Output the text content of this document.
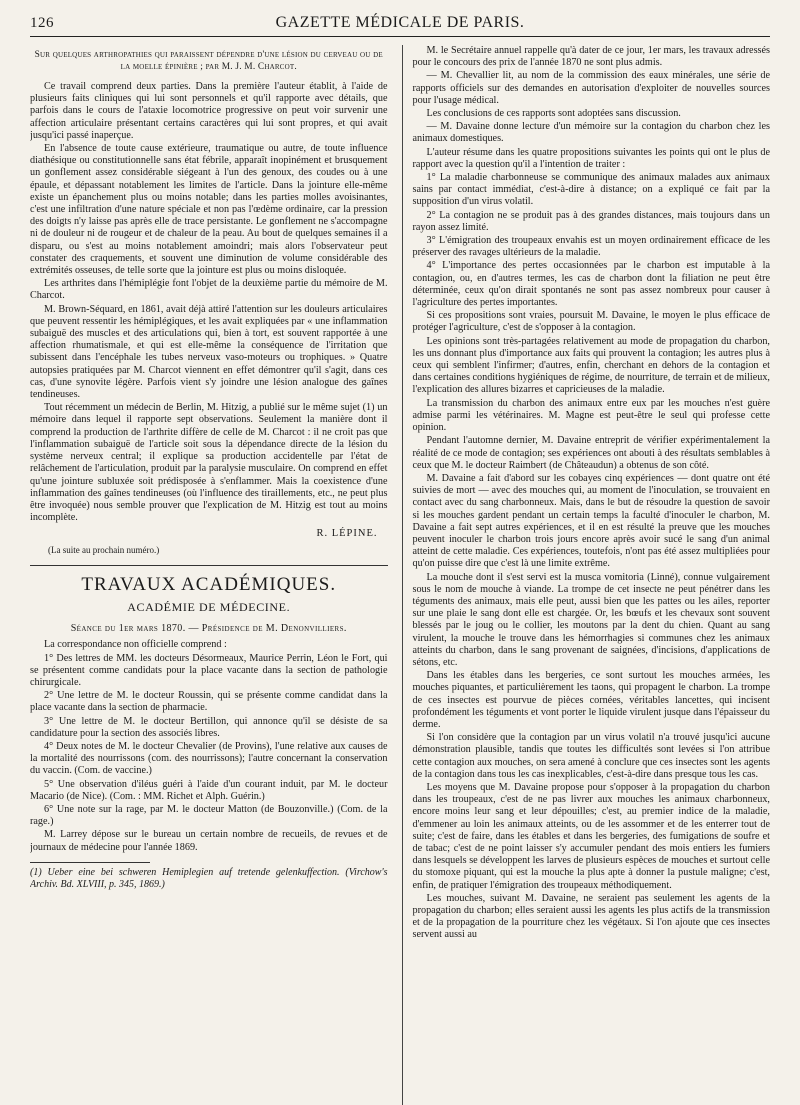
126	GAZETTE MÉDICALE DE PARIS.
Sur quelques arthropathies qui paraissent dépendre d'une lésion du cerveau ou de la moelle épinière ; par M. J. M. Charcot.

Ce travail comprend deux parties. Dans la première l'auteur établit, à l'aide de plusieurs faits cliniques qui lui sont personnels et qu'il rapporte avec détails, que parfois dans le cours de l'ataxie locomotrice progressive on peut voir survenir une affection articulaire présentant certains caractères qui lui sont propres, et qui avait jusqu'ici passé inaperçue.

En l'absence de toute cause extérieure, traumatique ou autre, de toute influence diathésique ou constitutionnelle sans état fébrile, apparaît inopinément et brusquement un gonflement assez considérable siégeant à l'un des genoux, des coudes ou à une épaule, et dépassant notablement les limites de l'article. Dans la jointure elle-même existe un épanchement plus ou moins notable; dans les parties molles avoisinantes, c'est une infiltration d'une nature spéciale et non pas l'œdème ordinaire, car la pression des doigts n'y laisse pas après elle de trace persistante. Le gonflement ne s'accompagne ni de douleur ni de rougeur et de chaleur de la peau. Au bout de quelques semaines il a disparu, ou s'est au moins notablement amoindri; mais alors l'observateur peut constater des craquements, et souvent une diminution de volume considérable des extrémités osseuses, de telle sorte que la jointure est plus ou moins disloquée.

Les arthrites dans l'hémiplégie font l'objet de la deuxième partie du mémoire de M. Charcot.

M. Brown-Séquard, en 1861, avait déjà attiré l'attention sur les douleurs articulaires que peuvent ressentir les hémiplégiques, et les avait expliquées par « une inflammation subaiguë des muscles et des articulations qui, bien à tort, est souvent rapportée à une affection rhumatismale, et qui est elle-même la conséquence de l'irritation que subissent dans l'encéphale les tubes nerveux vaso-moteurs ou trophiques. » Quatre autopsies pratiquées par M. Charcot viennent en effet démontrer qu'il s'agit, dans ces cas, d'une synovite légère. Parfois vient s'y joindre une lésion analogue des gaînes tendineuses.

Tout récemment un médecin de Berlin, M. Hitzig, a publié sur le même sujet (1) un mémoire dans lequel il rapporte sept observations. Seulement la manière dont il comprend la production de l'arthrite diffère de celle de M. Charcot : il ne croit pas que l'inflammation subaiguë de l'article soit sous la dépendance directe de la lésion du système nerveux central; il explique sa production accidentelle par l'état de relâchement de l'articulation, produit par la paralysie musculaire. On comprend en effet qu'une jointure subluxée soit prédisposée à s'enflammer. Mais la coexistence d'une inflammation des gaînes tendineuses (où l'influence des tiraillements, etc., ne peut plus être invoquée) nous semble prouver que l'explication de M. Hitzig est tout au moins incomplète.

R. LÉPINE.
(La suite au prochain numéro.)
TRAVAUX ACADÉMIQUES.
ACADÉMIE DE MÉDECINE.
Séance du 1er mars 1870. — Présidence de M. Denonvilliers.

La correspondance non officielle comprend :

1° Des lettres de MM. les docteurs Désormeaux, Maurice Perrin, Léon le Fort, qui se présentent comme candidats pour la place vacante dans la section de pathologie chirurgicale.

2° Une lettre de M. le docteur Roussin, qui se présente comme candidat dans la place vacante dans la section de pharmacie.

3° Une lettre de M. le docteur Bertillon, qui annonce qu'il se désiste de sa candidature pour la section des associés libres.

4° Deux notes de M. le docteur Chevalier (de Provins), l'une relative aux causes de la mortalité des nourrissons (com. des nourrissons); l'autre concernant la conservation du vaccin. (Com. de vaccine.)

5° Une observation d'iléus guéri à l'aide d'un courant induit, par M. le docteur Macario (de Nice). (Com. : MM. Richet et Alph. Guérin.)

6° Une note sur la rage, par M. le docteur Matton (de Bouzonville.) (Com. de la rage.)

M. Larrey dépose sur le bureau un certain nombre de recueils, de revues et de journaux de médecine pour l'année 1869.

(1) Ueber eine bei schweren Hemiplegien auf tretende gelenkuffection. (Virchow's Archiv. Bd. XLVIII, p. 345, 1869.)

M. le Secrétaire annuel rappelle qu'à dater de ce jour, 1er mars, les travaux adressés pour le concours des prix de l'année 1870 ne sont plus admis.

— M. Chevallier lit, au nom de la commission des eaux minérales, une série de rapports officiels sur des demandes en autorisation d'exploiter de nouvelles sources pour l'usage médical.

Les conclusions de ces rapports sont adoptées sans discussion.

— M. Davaine donne lecture d'un mémoire sur la contagion du charbon chez les animaux domestiques.

L'auteur résume dans les quatre propositions suivantes les points qui ont le plus de rapport avec la question qu'il a l'intention de traiter :

1° La maladie charbonneuse se communique des animaux malades aux animaux sains par contact immédiat, c'est-à-dire à distance; on a expliqué ce fait par la supposition d'un virus volatil.

2° La contagion ne se produit pas à des grandes distances, mais toujours dans un rayon assez limité.

3° L'émigration des troupeaux envahis est un moyen ordinairement efficace de les préserver des ravages ultérieurs de la maladie.

4° L'importance des pertes occasionnées par le charbon est imputable à la contagion, ou, en d'autres termes, les cas de charbon dont la filiation ne peut être déterminée, ceux qu'on dirait spontanés ne sont pas assez nombreux pour causer à l'agriculture des pertes importantes.

Si ces propositions sont vraies, poursuit M. Davaine, le moyen le plus efficace de protéger l'agriculture, c'est de s'opposer à la contagion.

Les opinions sont très-partagées relativement au mode de propagation du charbon, les uns donnant plus d'importance aux faits qui prouvent la contagion; les autres plus à ceux qui semblent l'infirmer; d'autres, enfin, cherchant en dehors de la contagion et dans certaines conditions hygiéniques de régime, de nourriture, de terrain et de milieux, l'explication des allures bizarres et capricieuses de la maladie.

La transmission du charbon des animaux entre eux par les mouches n'est guère admise parmi les vétérinaires. M. Magne est peut-être le seul qui professe cette opinion.

Pendant l'automne dernier, M. Davaine entreprit de vérifier expérimentalement la réalité de ce mode de contagion; ses expériences ont abouti à des résultats semblables à ceux que M. le docteur Raimbert (de Châteaudun) a obtenus de son côté.

M. Davaine a fait d'abord sur les cobayes cinq expériences — dont quatre ont été suivies de mort — avec des mouches qui, au moment de l'inoculation, se trouvaient en contact avec du sang charbonneux. Mais, dans le but de résoudre la question de savoir si les mouches gardent pendant un certain temps la faculté d'inoculer le charbon, M. Davaine a fait sept autres expériences, et il en est résulté la preuve que les mouches peuvent inoculer le charbon trois jours encore après avoir sucé le sang d'un animal atteint de cette maladie. Ces expériences, toutefois, n'ont pas été assez multipliées pour qu'on puisse dire que c'est là une limite extrême.

La mouche dont il s'est servi est la musca vomitoria (Linné), connue vulgairement sous le nom de mouche à viande. La trompe de cet insecte ne peut pénétrer dans les téguments des animaux, mais elle peut, aussi bien que les pattes ou les ailes, reporter sur une plaie le sang dont elle est chargée. Or, les bœufs et les chevaux sont souvent blessés par le joug ou le collier, les moutons par la dent du chien. Quant au sang virulent, la mouche le trouve dans les hémorrhagies si communes chez les animaux atteints du charbon, dans le sang provenant de saignées, d'incisions, d'applications de sétons, etc.

Dans les étables dans les bergeries, ce sont surtout les mouches armées, les mouches piquantes, et particulièrement les taons, qui propagent le charbon. La trompe de ces insectes est pourvue de pièces cornées, véritables lancettes, qui incisent profondément les téguments et vont porter le liquide virulent jusque dans l'épaisseur du derme.

Si l'on considère que la contagion par un virus volatil n'a trouvé jusqu'ici aucune démonstration plausible, tandis que toutes les difficultés sont levées si l'on attribue cette contagion aux mouches, on sera amené à conclure que ces insectes sont les agents de la contagion dans tous les cas inexplicables, c'est-à-dire dans presque tous les cas.

Les moyens que M. Davaine propose pour s'opposer à la propagation du charbon dans les troupeaux, c'est de ne pas livrer aux mouches les animaux charbonneux, encore moins leur sang et leur dépouilles; c'est, au premier indice de la maladie, d'emmener au loin les animaux atteints, ou de les assommer et de les enterrer tout de suite; c'est de faire, dans les étables et dans les bergeries, des fumigations de soufre et de tabac; c'est de ne point laisser s'y accumuler pendant des mois entiers les fumiers dans lesquels se développent les larves de plusieurs espèces de mouches et surtout celle du stomoxe piquant, qui est la mouche la plus apte à donner la pustule maligne; c'est, enfin, de pratiquer l'émigration des troupeaux méthodiquement.

Les mouches, suivant M. Davaine, ne seraient pas seulement les agents de la propagation du charbon; elles seraient aussi les agents les plus actifs de la transmission et de la propagation de la pourriture chez les végétaux. Si l'on ajoute que ces insectes servent aussi au
